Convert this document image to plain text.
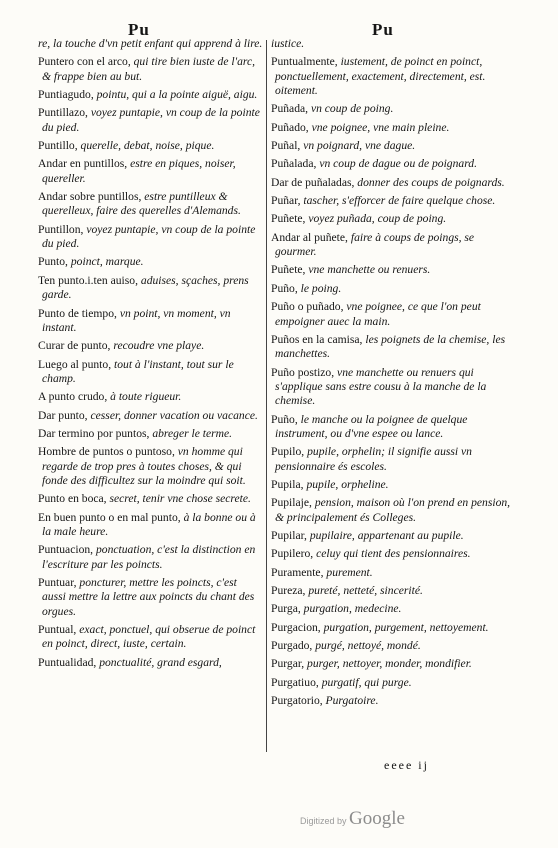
Pu	Pu
re, la touche d'vn petit enfant qui apprend à lire.
Puntero con el arco, qui tire bien iuste de l'arc, & frappe bien au but.
Puntiagudo, pointu, qui a la pointe aiguë, aigu.
Puntillazo, voyez puntapie, vn coup de la pointe du pied.
Puntillo, querelle, debat, noise, pique.
Andar en puntillos, estre en piques, noiser, quereller.
Andar sobre puntillos, estre puntilleux & querelleux, faire des querelles d'Alemands.
Puntillon, voyez puntapie, vn coup de la pointe du pied.
Punto, poinct, marque.
Ten punto.i.ten auiso, aduises, sçaches, prens garde.
Punto de tiempo, vn point, vn moment, vn instant.
Curar de punto, recoudre vne playe.
Luego al punto, tout à l'instant, tout sur le champ.
A punto crudo, à toute rigueur.
Dar punto, cesser, donner vacation ou vacance.
Dar termino por puntos, abreger le terme.
Hombre de puntos o puntoso, vn homme qui regarde de trop pres à toutes choses, & qui fonde des difficultez sur la moindre qui soit.
Punto en boca, secret, tenir vne chose secrete.
En buen punto o en mal punto, à la bonne ou à la male heure.
Puntuacion, ponctuation, c'est la distinction en l'escriture par les poincts.
Puntuar, poncturer, mettre les poincts, c'est aussi mettre la lettre aux poincts du chant des orgues.
Puntual, exact, ponctuel, qui obserue de poinct en poinct, direct, iuste, certain.
Puntualidad, ponctualité, grand esgard,
iustice.
Puntualmente, iustement, de poinct en poinct, ponctuellement, exactement, directement, est. oitement.
Puñada, vn coup de poing.
Puñado, vne poignee, vne main pleine.
Puñal, vn poignard, vne dague.
Puñalada, vn coup de dague ou de poignard.
Dar de puñaladas, donner des coups de poignards.
Puñar, tascher, s'efforcer de faire quelque chose.
Puñete, voyez puñada, coup de poing.
Andar al puñete, faire à coups de poings, se gourmer.
Puñete, vne manchette ou renuers.
Puño, le poing.
Puño o puñado, vne poignee, ce que l'on peut empoigner auec la main.
Puños en la camisa, les poignets de la chemise, les manchettes.
Puño postizo, vne manchette ou renuers qui s'applique sans estre cousu à la manche de la chemise.
Puño, le manche ou la poignee de quelque instrument, ou d'vne espee ou lance.
Pupilo, pupile, orphelin; il signifie aussi vn pensionnaire és escoles.
Pupila, pupile, orpheline.
Pupilaje, pension, maison où l'on prend en pension, & principalement és Colleges.
Pupilar, pupilaire, appartenant au pupile.
Pupilero, celuy qui tient des pensionnaires.
Puramente, purement.
Pureza, pureté, netteté, sincerité.
Purga, purgation, medecine.
Purgacion, purgation, purgement, nettoyement.
Purgado, purgé, nettoyé, mondé.
Purgar, purger, nettoyer, monder, mondifier.
Purgatiuo, purgatif, qui purge.
Purgatorio, Purgatoire.
eeee ij
Digitized by Google
